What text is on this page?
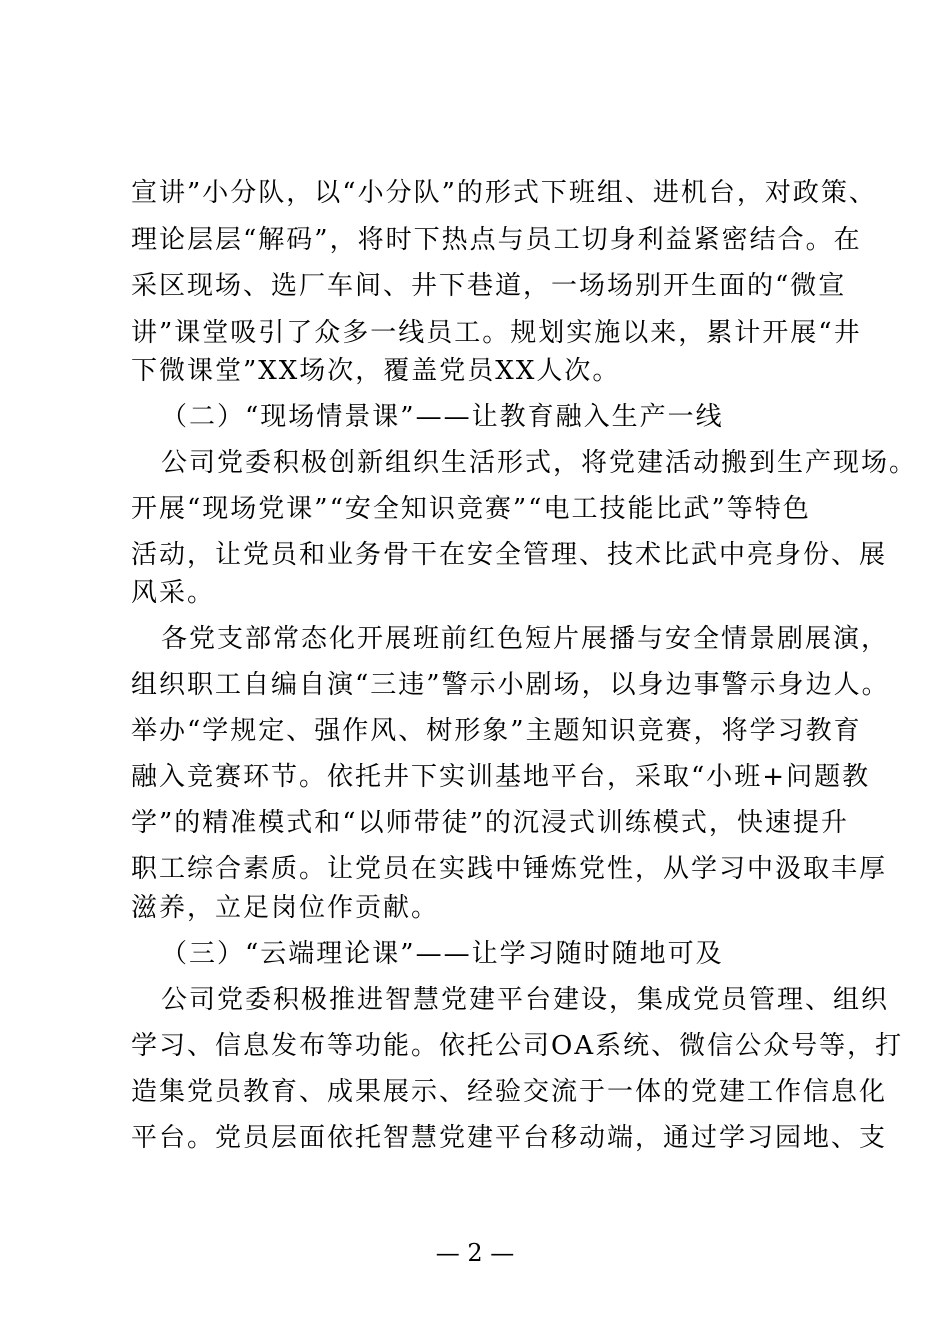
宣讲”小分队，以“小分队”的形式下班组、进机台，对政策、

理论层层“解码”，将时下热点与员工切身利益紧密结合。在

采区现场、选厂车间、井下巷道，一场场别开生面的“微宣

讲”课堂吸引了众多一线员工。规划实施以来，累计开展“井

下微课堂”XX场次，覆盖党员XX人次。

（二）“现场情景课”——让教育融入生产一线

公司党委积极创新组织生活形式，将党建活动搬到生产现场。

开展“现场党课”“安全知识竞赛”“电工技能比武”等特色

活动，让党员和业务骨干在安全管理、技术比武中亮身份、展

风采。

各党支部常态化开展班前红色短片展播与安全情景剧展演，

组织职工自编自演“三违”警示小剧场，以身边事警示身边人。

举办“学规定、强作风、树形象”主题知识竞赛，将学习教育

融入竞赛环节。依托井下实训基地平台，采取“小班+问题教

学”的精准模式和“以师带徒”的沉浸式训练模式，快速提升

职工综合素质。让党员在实践中锤炼党性，从学习中汲取丰厚

滋养，立足岗位作贡献。

（三）“云端理论课”——让学习随时随地可及

公司党委积极推进智慧党建平台建设，集成党员管理、组织

学习、信息发布等功能。依托公司OA系统、微信公众号等，打

造集党员教育、成果展示、经验交流于一体的党建工作信息化

平台。党员层面依托智慧党建平台移动端，通过学习园地、支

— 2 —
